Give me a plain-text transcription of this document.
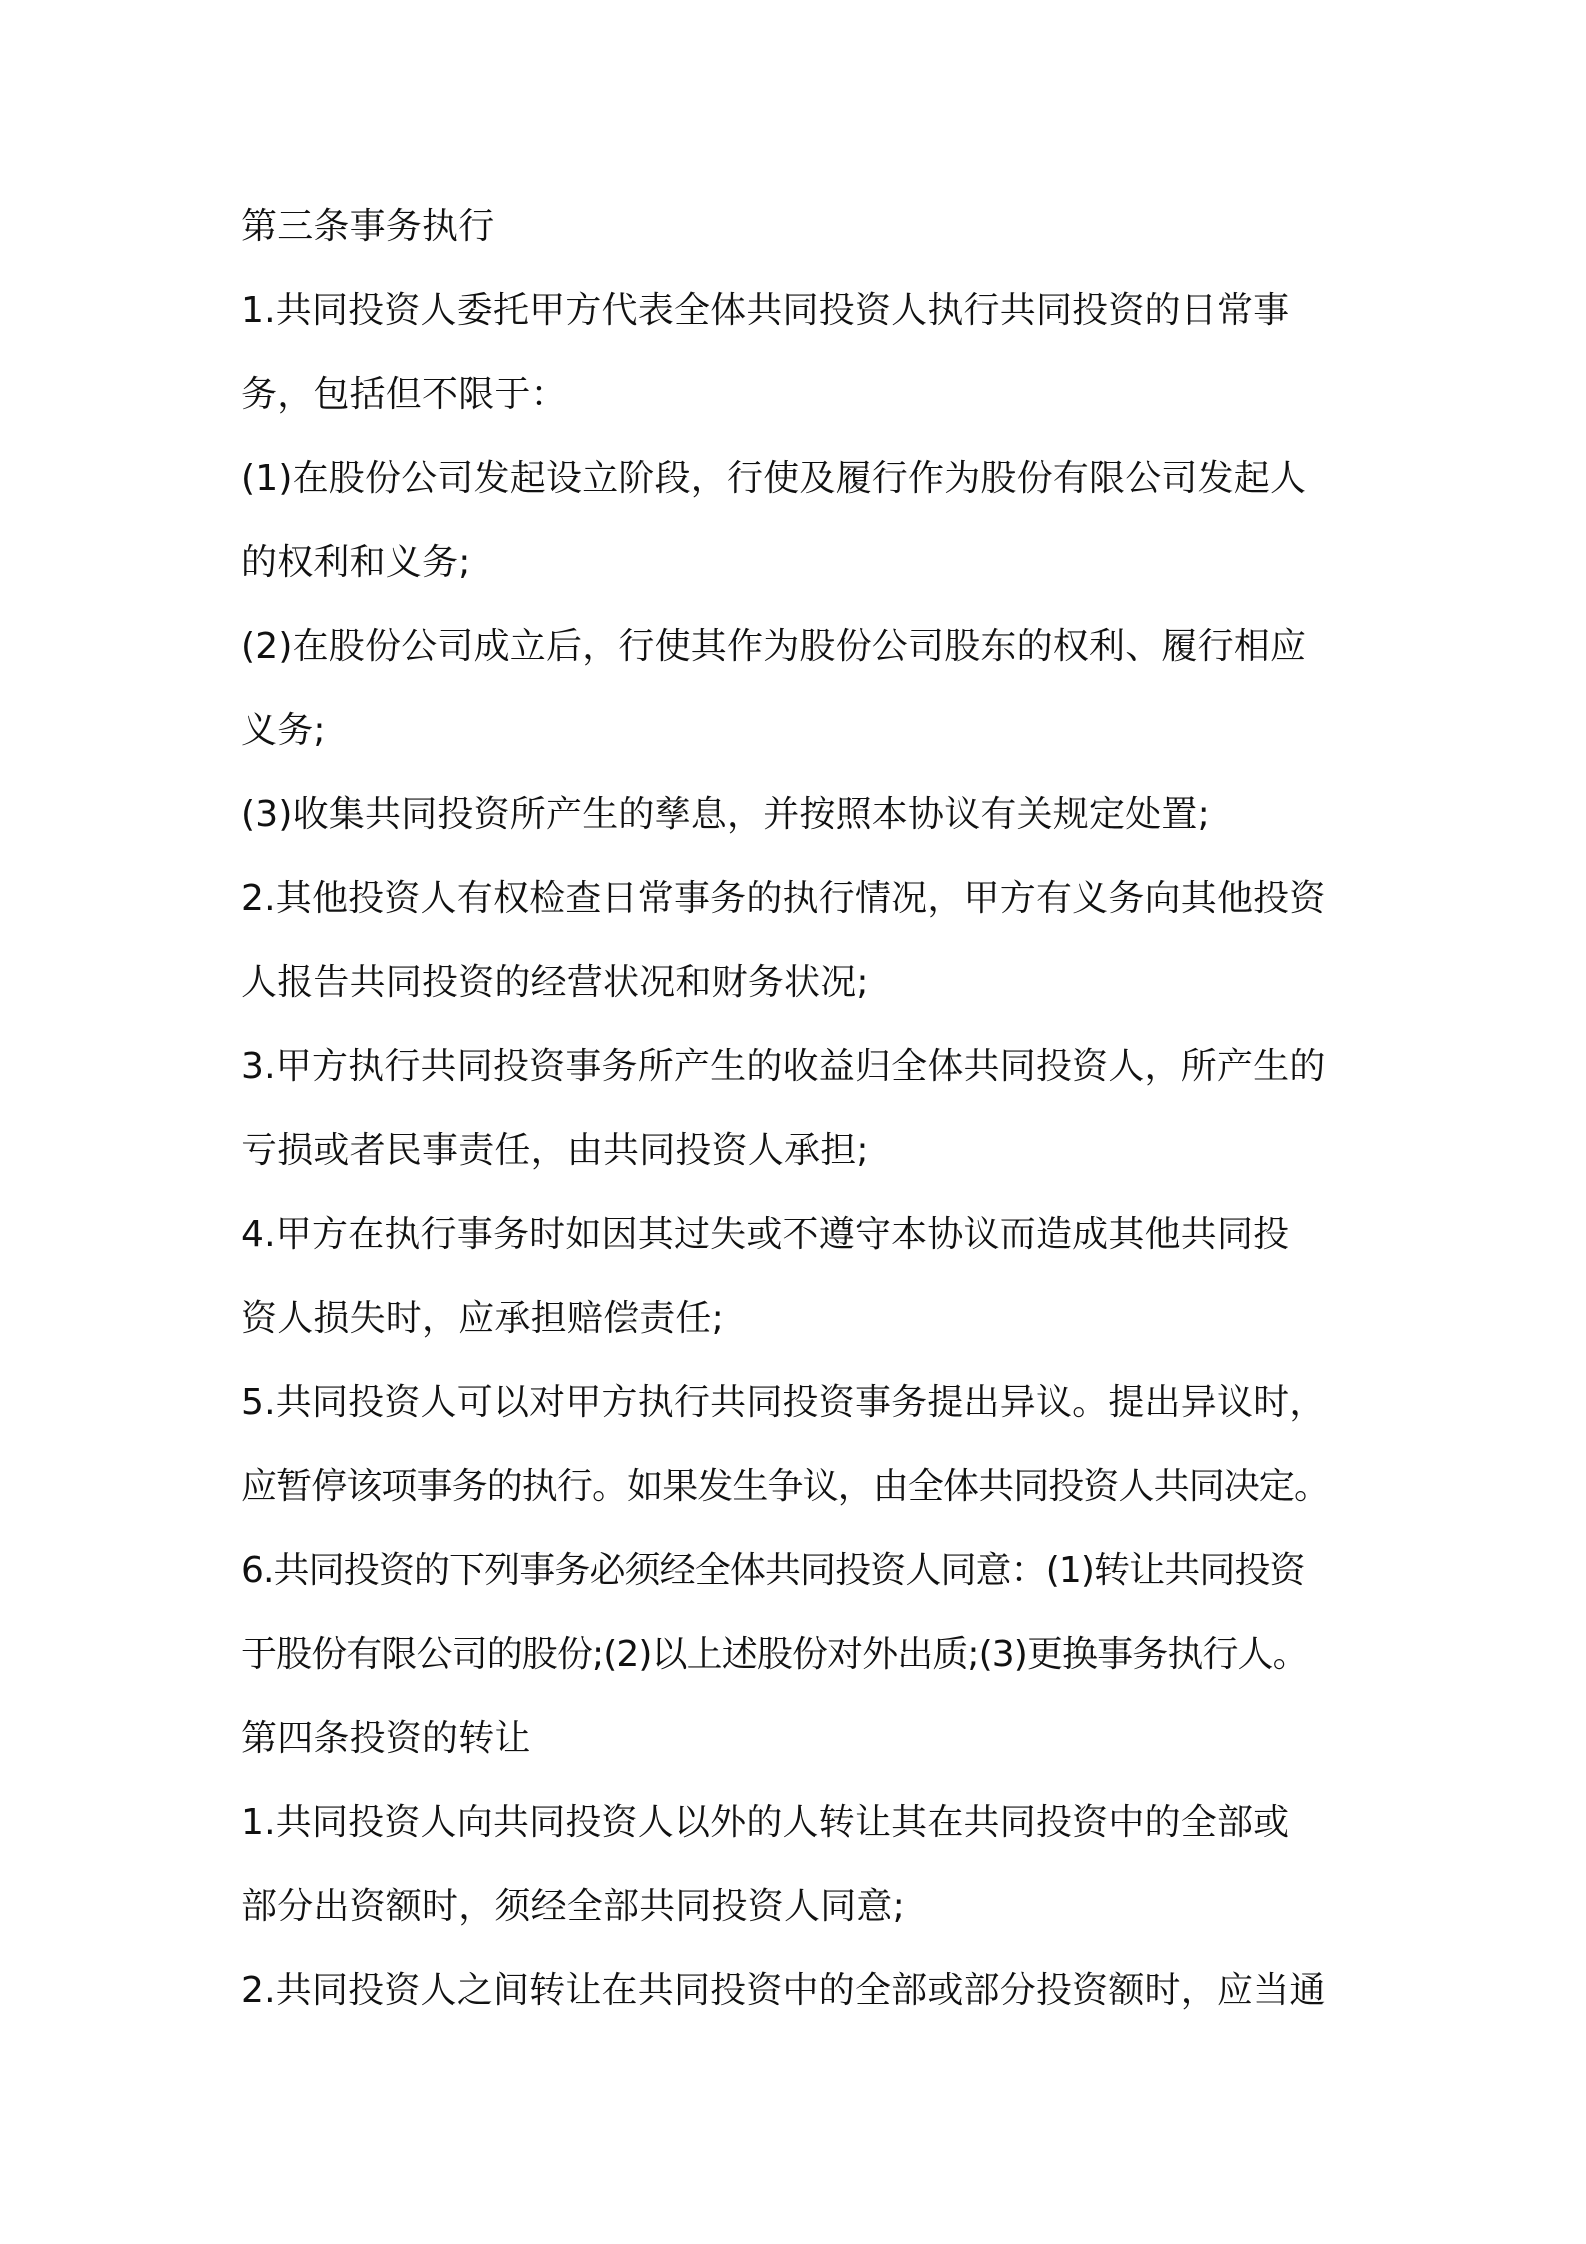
第三条事务执行
1.共同投资人委托甲方代表全体共同投资人执行共同投资的日常事
务，包括但不限于：
(1)在股份公司发起设立阶段，行使及履行作为股份有限公司发起人
的权利和义务;
(2)在股份公司成立后，行使其作为股份公司股东的权利、履行相应
义务;
(3)收集共同投资所产生的孳息，并按照本协议有关规定处置;
2.其他投资人有权检查日常事务的执行情况，甲方有义务向其他投资
人报告共同投资的经营状况和财务状况;
3.甲方执行共同投资事务所产生的收益归全体共同投资人，所产生的
亏损或者民事责任，由共同投资人承担;
4.甲方在执行事务时如因其过失或不遵守本协议而造成其他共同投
资人损失时，应承担赔偿责任;
5.共同投资人可以对甲方执行共同投资事务提出异议。提出异议时，
应暂停该项事务的执行。如果发生争议，由全体共同投资人共同决定。
6.共同投资的下列事务必须经全体共同投资人同意：(1)转让共同投资
于股份有限公司的股份;(2)以上述股份对外出质;(3)更换事务执行人。
第四条投资的转让
1.共同投资人向共同投资人以外的人转让其在共同投资中的全部或
部分出资额时，须经全部共同投资人同意;
2.共同投资人之间转让在共同投资中的全部或部分投资额时，应当通
